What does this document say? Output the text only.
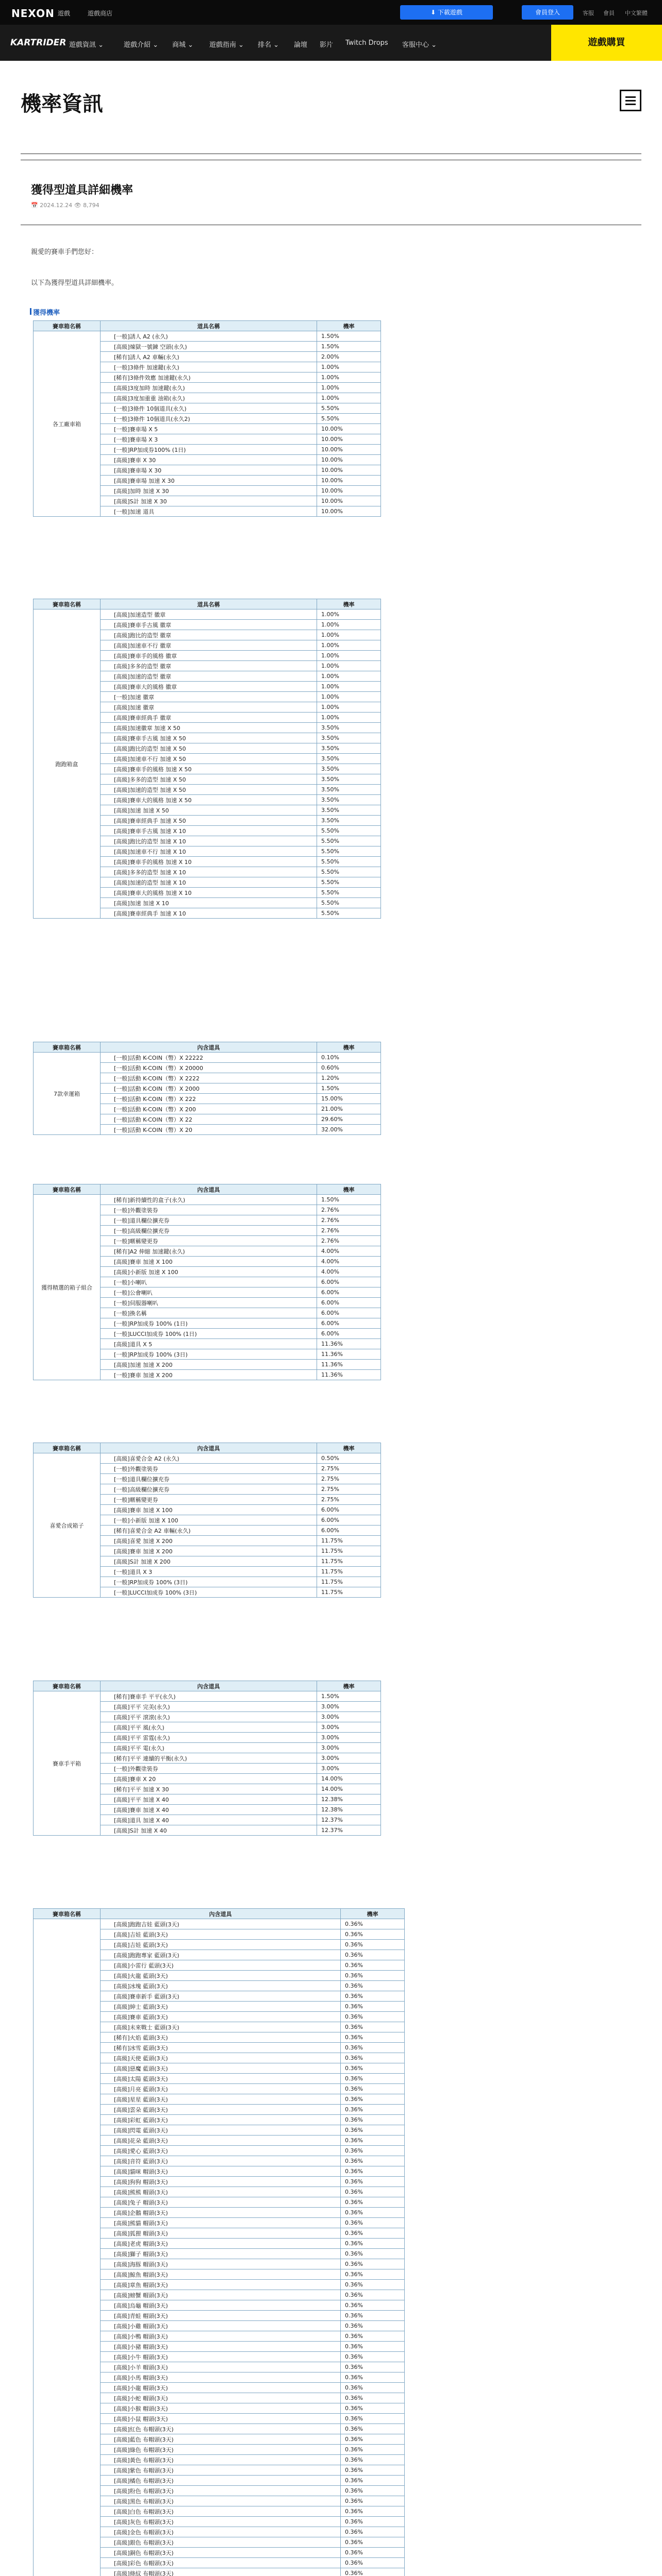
NEXON 遊戲	遊戲商店	⬇ 下載遊戲	會員登入	客服 會員 中文繁體
KARTRIDER 遊戲資訊 ⌄	遊戲介紹 ⌄ 商城 ⌄ 遊戲指南 ⌄ 排名 ⌄ 論壇 影片 Twitch Drops 客服中心 ⌄	遊戲購買
機率資訊
獲得型道具詳細機率
📅 2024.12.24 👁 8,794
親愛的賽車手們您好：
以下為獲得型道具詳細機率。
獲得機率
賽車箱名稱	道具名稱	機率
各工廠車箱	[一般]誘人 A2 (永久)	1.50%
	[高級]煉獄一號鍊 空頭(永久)	1.50%
	[稀有]誘人 A2 車輛(永久)	2.00%
	[一般]3條件 加速鍵(永久)	1.00%
	[稀有]3條件效應 加速鍵(永久)	1.00%
	[高級]3度加時 加速鍵(永久)	1.00%
	[高級]3度加重重 油箱(永久)	1.00%
	[一般]3條件 10個道具(永久)	5.50%
	[一般]3條件 10個道具(永久2)	5.50%
	[一般]賽車場 X 5	10.00%
	[一般]賽車場 X 3	10.00%
	[一般]RP加成券100% (1日)	10.00%
	[高級]賽車 X 30	10.00%
	[高級]賽車場 X 30	10.00%
	[高級]賽車場 加速 X 30	10.00%
	[高級]加時 加速 X 30	10.00%
	[高級]S計 加速 X 30	10.00%
	[一般]加速 道具	10.00%
賽車箱名稱	道具名稱	機率
跑跑箱盒	[高級]加速造型 徽章	1.00%
	[高級]賽車手古風 徽章	1.00%
	[高級]跑比的造型 徽章	1.00%
	[高級]加速車不行 徽章	1.00%
	[高級]賽車手的風格 徽章	1.00%
	[高級]多多的造型 徽章	1.00%
	[高級]加速的造型 徽章	1.00%
	[高級]賽車大的風格 徽章	1.00%
	[一般]加速 徽章	1.00%
	[高級]加速 徽章	1.00%
	[高級]賽車經典手 徽章	1.00%
	[高級]加速徽章 加速 X 50	3.50%
	[高級]賽車手古風 加速 X 50	3.50%
	[高級]跑比的造型 加速 X 50	3.50%
	[高級]加速車不行 加速 X 50	3.50%
	[高級]賽車手的風格 加速 X 50	3.50%
	[高級]多多的造型 加速 X 50	3.50%
	[高級]加速的造型 加速 X 50	3.50%
	[高級]賽車大的風格 加速 X 50	3.50%
	[高級]加速 加速 X 50	3.50%
	[高級]賽車經典手 加速 X 50	3.50%
	[高級]賽車手古風 加速 X 10	5.50%
	[高級]跑比的造型 加速 X 10	5.50%
	[高級]加速車不行 加速 X 10	5.50%
	[高級]賽車手的風格 加速 X 10	5.50%
	[高級]多多的造型 加速 X 10	5.50%
	[高級]加速的造型 加速 X 10	5.50%
	[高級]賽車大的風格 加速 X 10	5.50%
	[高級]加速 加速 X 10	5.50%
	[高級]賽車經典手 加速 X 10	5.50%
賽車箱名稱	內含道具	機率
7款幸運箱	[一般]活動 K-COIN（幣）X 22222	0.10%
	[一般]活動 K-COIN（幣）X 20000	0.60%
	[一般]活動 K-COIN（幣）X 2222	1.20%
	[一般]活動 K-COIN（幣）X 2000	1.50%
	[一般]活動 K-COIN（幣）X 222	15.00%
	[一般]活動 K-COIN（幣）X 200	21.00%
	[一般]活動 K-COIN（幣）X 22	29.60%
	[一般]活動 K-COIN（幣）X 20	32.00%
賽車箱名稱	內含道具	機率
獲得精選的箱子組合	[稀有]新持續性的盒子(永久)	1.50%
	[一般]外觀塗裝券	2.76%
	[一般]道具欄位擴充券	2.76%
	[一般]高級欄位擴充券	2.76%
	[一般]暱稱變更券	2.76%
	[稀有]A2 伸縮 加速鍵(永久)	4.00%
	[高級]賽車 加速 X 100	4.00%
	[高級]小新版 加速 X 100	4.00%
	[一般]小喇叭	6.00%
	[一般]公會喇叭	6.00%
	[一般]伺服器喇叭	6.00%
	[一般]換名稱	6.00%
	[一般]RP加成券 100% (1日)	6.00%
	[一般]LUCCI加成券 100% (1日)	6.00%
	[高級]道具 X 5	11.36%
	[一般]RP加成券 100% (3日)	11.36%
	[高級]加速 加速 X 200	11.36%
	[一般]賽車 加速 X 200	11.36%
賽車箱名稱	內含道具	機率
喜愛合成箱子	[高級]喜愛合金 A2 (永久)	0.50%
	[一般]外觀塗裝券	2.75%
	[一般]道具欄位擴充券	2.75%
	[一般]高級欄位擴充券	2.75%
	[一般]暱稱變更券	2.75%
	[高級]賽車 加速 X 100	6.00%
	[一般]小新版 加速 X 100	6.00%
	[稀有]喜愛合金 A2 車輛(永久)	6.00%
	[高級]喜愛 加速 X 200	11.75%
	[高級]賽車 加速 X 200	11.75%
	[高級]S計 加速 X 200	11.75%
	[一般]道具 X 3	11.75%
	[一般]RP加成券 100% (3日)	11.75%
	[一般]LUCCI加成券 100% (3日)	11.75%
賽車箱名稱	內含道具	機率
賽車手平箱	[稀有]賽車手 平平(永久)	1.50%
	[高級]平平 完美(永久)	3.00%
	[高級]平平 滾滾(永久)	3.00%
	[高級]平平 風(永久)	3.00%
	[高級]平平 雷霆(永久)	3.00%
	[高級]平平 電(永久)	3.00%
	[稀有]平平 連續的平衡(永久)	3.00%
	[一般]外觀塗裝券	3.00%
	[高級]賽車 X 20	14.00%
	[稀有]平平 加速 X 30	14.00%
	[高級]平平 加速 X 40	12.38%
	[高級]賽車 加速 X 40	12.38%
	[高級]道具 加速 X 40	12.37%
	[高級]S計 加速 X 40	12.37%
賽車箱名稱	內含道具	機率
	[高級]跑跑吉娃 藍頭(3天)	0.36%
	[高級]吉娃 藍頭(3天)	0.36%
	[高級]吉娃 藍頭(3天)	0.36%
	[高級]跑跑專家 藍頭(3天)	0.36%
	[高級]小雷行 藍頭(3天)	0.36%
	[高級]火龍 藍頭(3天)	0.36%
	[高級]冰塊 藍頭(3天)	0.36%
	[高級]賽車新手 藍頭(3天)	0.36%
	[高級]紳士 藍頭(3天)	0.36%
	[高級]賽車 藍頭(3天)	0.36%
	[高級]未來戰士 藍頭(3天)	0.36%
	[稀有]火焰 藍頭(3天)	0.36%
	[稀有]冰雪 藍頭(3天)	0.36%
	[高級]天使 藍頭(3天)	0.36%
	[高級]惡魔 藍頭(3天)	0.36%
	[高級]太陽 藍頭(3天)	0.36%
	[高級]月亮 藍頭(3天)	0.36%
	[高級]星星 藍頭(3天)	0.36%
	[高級]雲朵 藍頭(3天)	0.36%
	[高級]彩虹 藍頭(3天)	0.36%
	[高級]閃電 藍頭(3天)	0.36%
	[高級]花朵 藍頭(3天)	0.36%
	[高級]愛心 藍頭(3天)	0.36%
	[高級]音符 藍頭(3天)	0.36%
	[高級]貓咪 帽頭(3天)	0.36%
	[高級]狗狗 帽頭(3天)	0.36%
	[高級]熊熊 帽頭(3天)	0.36%
	[高級]兔子 帽頭(3天)	0.36%
	[高級]企鵝 帽頭(3天)	0.36%
	[高級]熊貓 帽頭(3天)	0.36%
	[高級]狐狸 帽頭(3天)	0.36%
	[高級]老虎 帽頭(3天)	0.36%
	[高級]獅子 帽頭(3天)	0.36%
	[高級]海豚 帽頭(3天)	0.36%
	[高級]鯨魚 帽頭(3天)	0.36%
	[高級]章魚 帽頭(3天)	0.36%
	[高級]螃蟹 帽頭(3天)	0.36%
	[高級]烏龜 帽頭(3天)	0.36%
	[高級]青蛙 帽頭(3天)	0.36%
	[高級]小雞 帽頭(3天)	0.36%
	[高級]小鴨 帽頭(3天)	0.36%
	[高級]小豬 帽頭(3天)	0.36%
	[高級]小牛 帽頭(3天)	0.36%
	[高級]小羊 帽頭(3天)	0.36%
	[高級]小馬 帽頭(3天)	0.36%
	[高級]小龍 帽頭(3天)	0.36%
	[高級]小蛇 帽頭(3天)	0.36%
	[高級]小猴 帽頭(3天)	0.36%
	[高級]小鼠 帽頭(3天)	0.36%
	[高級]紅色 布帽頭(3天)	0.36%
	[高級]藍色 布帽頭(3天)	0.36%
	[高級]綠色 布帽頭(3天)	0.36%
	[高級]黃色 布帽頭(3天)	0.36%
	[高級]紫色 布帽頭(3天)	0.36%
	[高級]橘色 布帽頭(3天)	0.36%
	[高級]粉色 布帽頭(3天)	0.36%
	[高級]黑色 布帽頭(3天)	0.36%
	[高級]白色 布帽頭(3天)	0.36%
	[高級]灰色 布帽頭(3天)	0.36%
	[高級]金色 布帽頭(3天)	0.36%
	[高級]銀色 布帽頭(3天)	0.36%
	[高級]銅色 布帽頭(3天)	0.36%
	[高級]彩色 布帽頭(3天)	0.36%
	[高級]條紋 布帽頭(3天)	0.36%
